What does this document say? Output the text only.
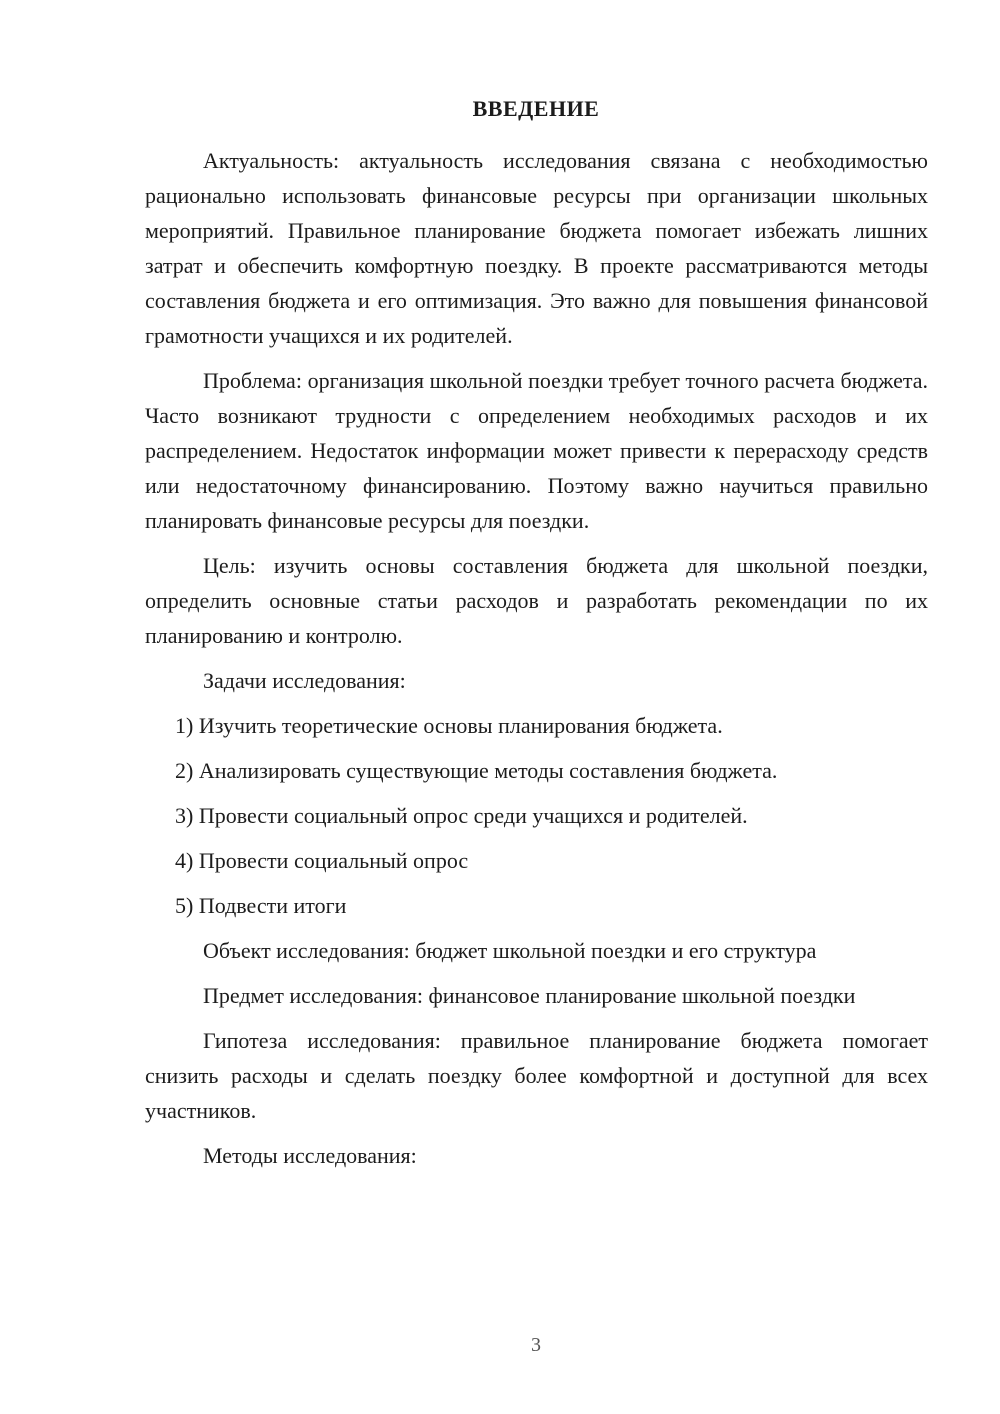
ВВЕДЕНИЕ

Актуальность: актуальность исследования связана с необходимостью рационально использовать финансовые ресурсы при организации школьных мероприятий. Правильное планирование бюджета помогает избежать лишних затрат и обеспечить комфортную поездку. В проекте рассматриваются методы составления бюджета и его оптимизация. Это важно для повышения финансовой грамотности учащихся и их родителей.

Проблема: организация школьной поездки требует точного расчета бюджета. Часто возникают трудности с определением необходимых расходов и их распределением. Недостаток информации может привести к перерасходу средств или недостаточному финансированию. Поэтому важно научиться правильно планировать финансовые ресурсы для поездки.

Цель: изучить основы составления бюджета для школьной поездки, определить основные статьи расходов и разработать рекомендации по их планированию и контролю.

Задачи исследования:

1) Изучить теоретические основы планирования бюджета.

2) Анализировать существующие методы составления бюджета.

3) Провести социальный опрос среди учащихся и родителей.

4) Провести социальный опрос

5) Подвести итоги

Объект исследования: бюджет школьной поездки и его структура

Предмет исследования: финансовое планирование школьной поездки

Гипотеза исследования: правильное планирование бюджета помогает снизить расходы и сделать поездку более комфортной и доступной для всех участников.

Методы исследования:

3
